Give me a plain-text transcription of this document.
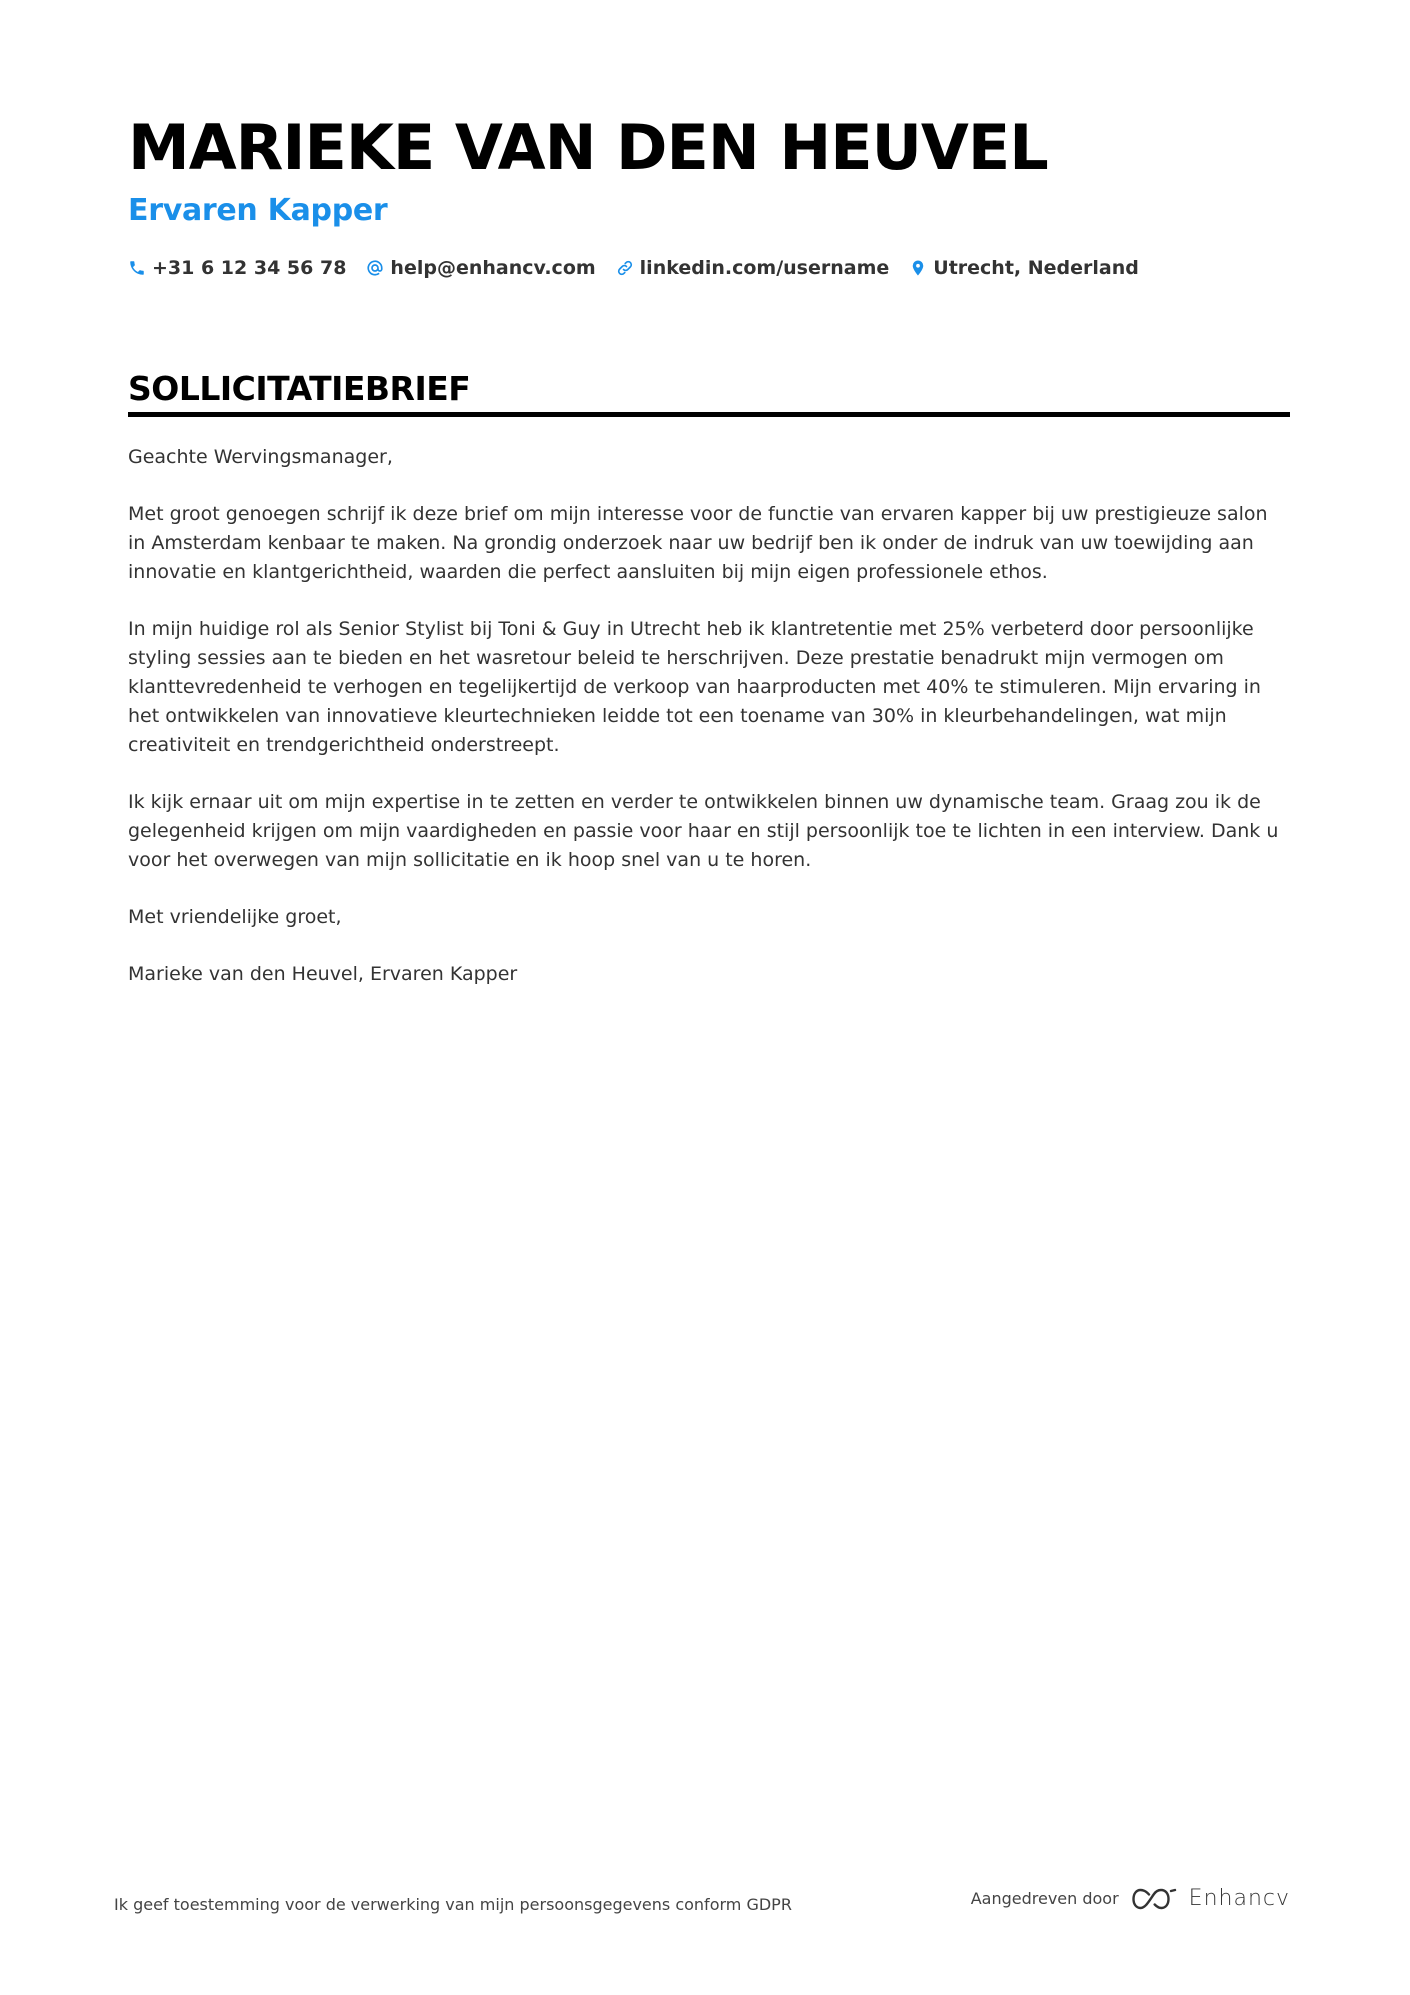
MARIEKE VAN DEN HEUVEL
Ervaren Kapper
+31 6 12 34 56 78 help@enhancv.com linkedin.com/username Utrecht, Nederland
SOLLICITATIEBRIEF

Geachte Wervingsmanager,

Met groot genoegen schrijf ik deze brief om mijn interesse voor de functie van ervaren kapper bij uw prestigieuze salon in Amsterdam kenbaar te maken. Na grondig onderzoek naar uw bedrijf ben ik onder de indruk van uw toewijding aan innovatie en klantgerichtheid, waarden die perfect aansluiten bij mijn eigen professionele ethos.

In mijn huidige rol als Senior Stylist bij Toni & Guy in Utrecht heb ik klantretentie met 25% verbeterd door persoonlijke styling sessies aan te bieden en het wasretour beleid te herschrijven. Deze prestatie benadrukt mijn vermogen om klanttevredenheid te verhogen en tegelijkertijd de verkoop van haarproducten met 40% te stimuleren. Mijn ervaring in het ontwikkelen van innovatieve kleurtechnieken leidde tot een toename van 30% in kleurbehandelingen, wat mijn creativiteit en trendgerichtheid onderstreept.

Ik kijk ernaar uit om mijn expertise in te zetten en verder te ontwikkelen binnen uw dynamische team. Graag zou ik de gelegenheid krijgen om mijn vaardigheden en passie voor haar en stijl persoonlijk toe te lichten in een interview. Dank u voor het overwegen van mijn sollicitatie en ik hoop snel van u te horen.

Met vriendelijke groet,

Marieke van den Heuvel, Ervaren Kapper

Ik geef toestemming voor de verwerking van mijn persoonsgegevens conform GDPR	Aangedreven door	Enhancv
